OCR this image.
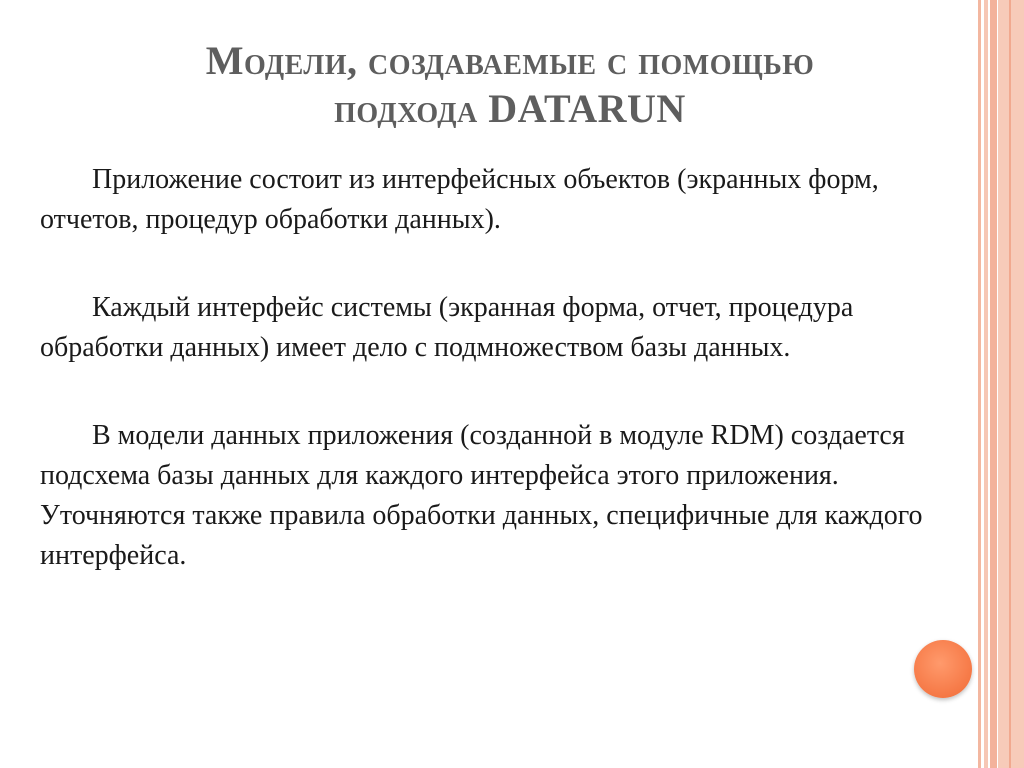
Модели, создаваемые с помощью
подхода DATARUN

Приложение состоит из интерфейсных объектов (экранных форм, отчетов, процедур обработки данных).

Каждый интерфейс системы (экранная форма, отчет, процедура обработки данных) имеет дело с подмножеством базы данных.

В модели данных приложения (созданной в модуле RDM) создается подсхема базы данных для каждого интерфейса этого приложения. Уточняются также правила обработки данных, специфичные для каждого интерфейса.
